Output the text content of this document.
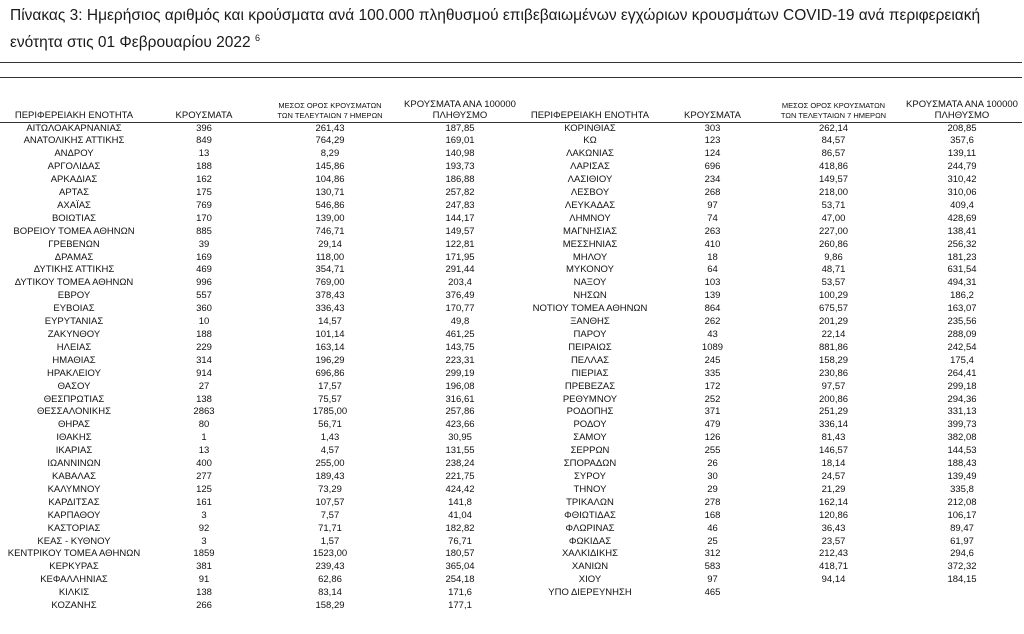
Πίνακας 3: Ημερήσιος αριθμός και κρούσματα ανά 100.000 πληθυσμού επιβεβαιωμένων εγχώριων κρουσμάτων COVID-19 ανά περιφερειακή
ενότητα στις 01 Φεβρουαρίου 2022 $^6$
ΠΕΡΙΦΕΡΕΙΑΚΗ ΕΝΟΤΗΤΑ	ΚΡΟΥΣΜΑΤΑ	ΜΕΣΟΣ ΟΡΟΣ ΚΡΟΥΣΜΑΤΩΝ
ΤΩΝ ΤΕΛΕΥΤΑΙΩΝ 7 ΗΜΕΡΩΝ	ΚΡΟΥΣΜΑΤΑ ΑΝΑ 100000
ΠΛΗΘΥΣΜΟ	ΠΕΡΙΦΕΡΕΙΑΚΗ ΕΝΟΤΗΤΑ	ΚΡΟΥΣΜΑΤΑ	ΜΕΣΟΣ ΟΡΟΣ ΚΡΟΥΣΜΑΤΩΝ
ΤΩΝ ΤΕΛΕΥΤΑΙΩΝ 7 ΗΜΕΡΩΝ	ΚΡΟΥΣΜΑΤΑ ΑΝΑ 100000
ΠΛΗΘΥΣΜΟ
ΑΙΤΩΛΟΑΚΑΡΝΑΝΙΑΣ	396	261,43	187,85	ΚΟΡΙΝΘΙΑΣ	303	262,14	208,85
ΑΝΑΤΟΛΙΚΗΣ ΑΤΤΙΚΗΣ	849	764,29	169,01	ΚΩ	123	84,57	357,6
ΑΝΔΡΟΥ	13	8,29	140,98	ΛΑΚΩΝΙΑΣ	124	86,57	139,11
ΑΡΓΟΛΙΔΑΣ	188	145,86	193,73	ΛΑΡΙΣΑΣ	696	418,86	244,79
ΑΡΚΑΔΙΑΣ	162	104,86	186,88	ΛΑΣΙΘΙΟΥ	234	149,57	310,42
ΑΡΤΑΣ	175	130,71	257,82	ΛΕΣΒΟΥ	268	218,00	310,06
ΑΧΑΪΑΣ	769	546,86	247,83	ΛΕΥΚΑΔΑΣ	97	53,71	409,4
ΒΟΙΩΤΙΑΣ	170	139,00	144,17	ΛΗΜΝΟΥ	74	47,00	428,69
ΒΟΡΕΙΟΥ ΤΟΜΕΑ ΑΘΗΝΩΝ	885	746,71	149,57	ΜΑΓΝΗΣΙΑΣ	263	227,00	138,41
ΓΡΕΒΕΝΩΝ	39	29,14	122,81	ΜΕΣΣΗΝΙΑΣ	410	260,86	256,32
ΔΡΑΜΑΣ	169	118,00	171,95	ΜΗΛΟΥ	18	9,86	181,23
ΔΥΤΙΚΗΣ ΑΤΤΙΚΗΣ	469	354,71	291,44	ΜΥΚΟΝΟΥ	64	48,71	631,54
ΔΥΤΙΚΟΥ ΤΟΜΕΑ ΑΘΗΝΩΝ	996	769,00	203,4	ΝΑΞΟΥ	103	53,57	494,31
ΕΒΡΟΥ	557	378,43	376,49	ΝΗΣΩΝ	139	100,29	186,2
ΕΥΒΟΙΑΣ	360	336,43	170,77	ΝΟΤΙΟΥ ΤΟΜΕΑ ΑΘΗΝΩΝ	864	675,57	163,07
ΕΥΡΥΤΑΝΙΑΣ	10	14,57	49,8	ΞΑΝΘΗΣ	262	201,29	235,56
ΖΑΚΥΝΘΟΥ	188	101,14	461,25	ΠΑΡΟΥ	43	22,14	288,09
ΗΛΕΙΑΣ	229	163,14	143,75	ΠΕΙΡΑΙΩΣ	1089	881,86	242,54
ΗΜΑΘΙΑΣ	314	196,29	223,31	ΠΕΛΛΑΣ	245	158,29	175,4
ΗΡΑΚΛΕΙΟΥ	914	696,86	299,19	ΠΙΕΡΙΑΣ	335	230,86	264,41
ΘΑΣΟΥ	27	17,57	196,08	ΠΡΕΒΕΖΑΣ	172	97,57	299,18
ΘΕΣΠΡΩΤΙΑΣ	138	75,57	316,61	ΡΕΘΥΜΝΟΥ	252	200,86	294,36
ΘΕΣΣΑΛΟΝΙΚΗΣ	2863	1785,00	257,86	ΡΟΔΟΠΗΣ	371	251,29	331,13
ΘΗΡΑΣ	80	56,71	423,66	ΡΟΔΟΥ	479	336,14	399,73
ΙΘΑΚΗΣ	1	1,43	30,95	ΣΑΜΟΥ	126	81,43	382,08
ΙΚΑΡΙΑΣ	13	4,57	131,55	ΣΕΡΡΩΝ	255	146,57	144,53
ΙΩΑΝΝΙΝΩΝ	400	255,00	238,24	ΣΠΟΡΑΔΩΝ	26	18,14	188,43
ΚΑΒΑΛΑΣ	277	189,43	221,75	ΣΥΡΟΥ	30	24,57	139,49
ΚΑΛΥΜΝΟΥ	125	73,29	424,42	ΤΗΝΟΥ	29	21,29	335,8
ΚΑΡΔΙΤΣΑΣ	161	107,57	141,8	ΤΡΙΚΑΛΩΝ	278	162,14	212,08
ΚΑΡΠΑΘΟΥ	3	7,57	41,04	ΦΘΙΩΤΙΔΑΣ	168	120,86	106,17
ΚΑΣΤΟΡΙΑΣ	92	71,71	182,82	ΦΛΩΡΙΝΑΣ	46	36,43	89,47
ΚΕΑΣ - ΚΥΘΝΟΥ	3	1,57	76,71	ΦΩΚΙΔΑΣ	25	23,57	61,97
ΚΕΝΤΡΙΚΟΥ ΤΟΜΕΑ ΑΘΗΝΩΝ	1859	1523,00	180,57	ΧΑΛΚΙΔΙΚΗΣ	312	212,43	294,6
ΚΕΡΚΥΡΑΣ	381	239,43	365,04	ΧΑΝΙΩΝ	583	418,71	372,32
ΚΕΦΑΛΛΗΝΙΑΣ	91	62,86	254,18	ΧΙΟΥ	97	94,14	184,15
ΚΙΛΚΙΣ	138	83,14	171,6	ΥΠΟ ΔΙΕΡΕΥΝΗΣΗ	465		
ΚΟΖΑΝΗΣ	266	158,29	177,1				
